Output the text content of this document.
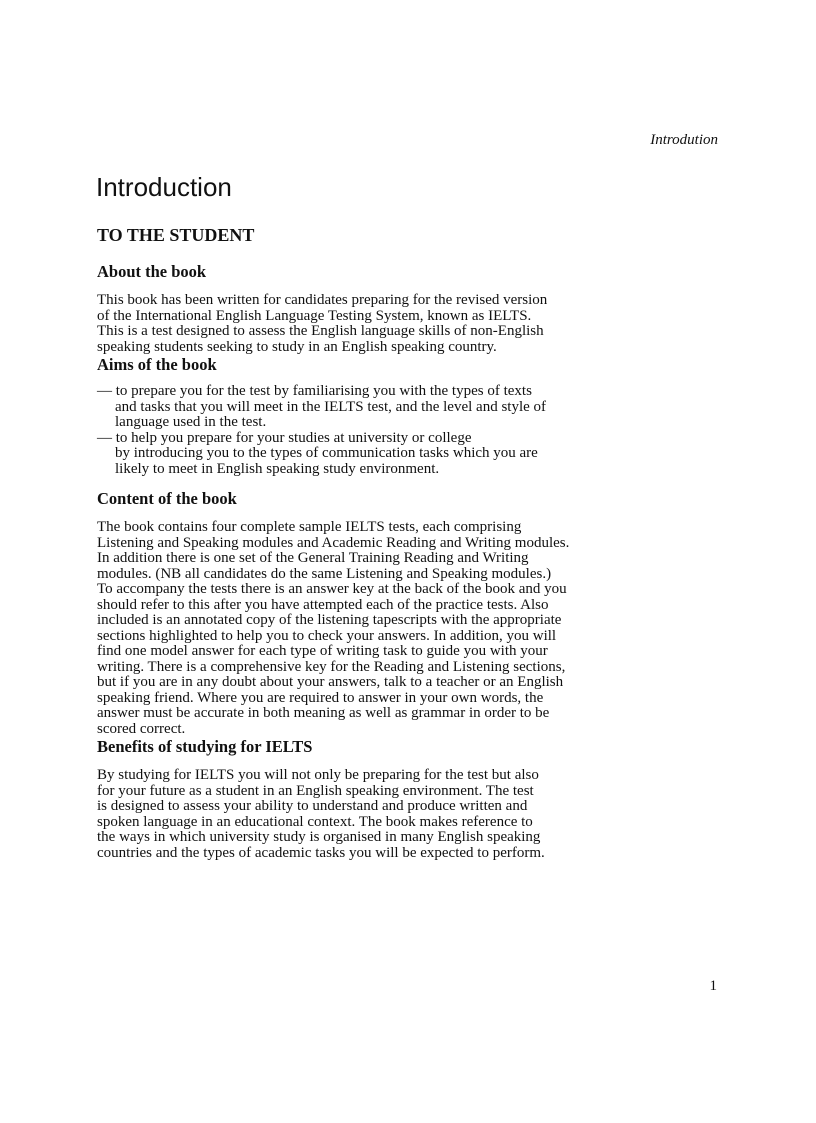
Introdution
Introduction
TO THE STUDENT
About the book

This book has been written for candidates preparing for the revised version
of the International English Language Testing System, known as IELTS.
This is a test designed to assess the English language skills of non-English
speaking students seeking to study in an English speaking country.

Aims of the book
— to prepare you for the test by familiarising you with the types of texts
and tasks that you will meet in the IELTS test, and the level and style of
language used in the test.
— to help you prepare for your studies at university or college
by introducing you to the types of communication tasks which you are
likely to meet in English speaking study environment.
Content of the book

The book contains four complete sample IELTS tests, each comprising
Listening and Speaking modules and Academic Reading and Writing modules.
In addition there is one set of the General Training Reading and Writing
modules. (NB all candidates do the same Listening and Speaking modules.)
To accompany the tests there is an answer key at the back of the book and you
should refer to this after you have attempted each of the practice tests. Also
included is an annotated copy of the listening tapescripts with the appropriate
sections highlighted to help you to check your answers. In addition, you will
find one model answer for each type of writing task to guide you with your
writing. There is a comprehensive key for the Reading and Listening sections,
but if you are in any doubt about your answers, talk to a teacher or an English
speaking friend. Where you are required to answer in your own words, the
answer must be accurate in both meaning as well as grammar in order to be
scored correct.

Benefits of studying for IELTS

By studying for IELTS you will not only be preparing for the test but also
for your future as a student in an English speaking environment. The test
is designed to assess your ability to understand and produce written and
spoken language in an educational context. The book makes reference to
the ways in which university study is organised in many English speaking
countries and the types of academic tasks you will be expected to perform.

1
